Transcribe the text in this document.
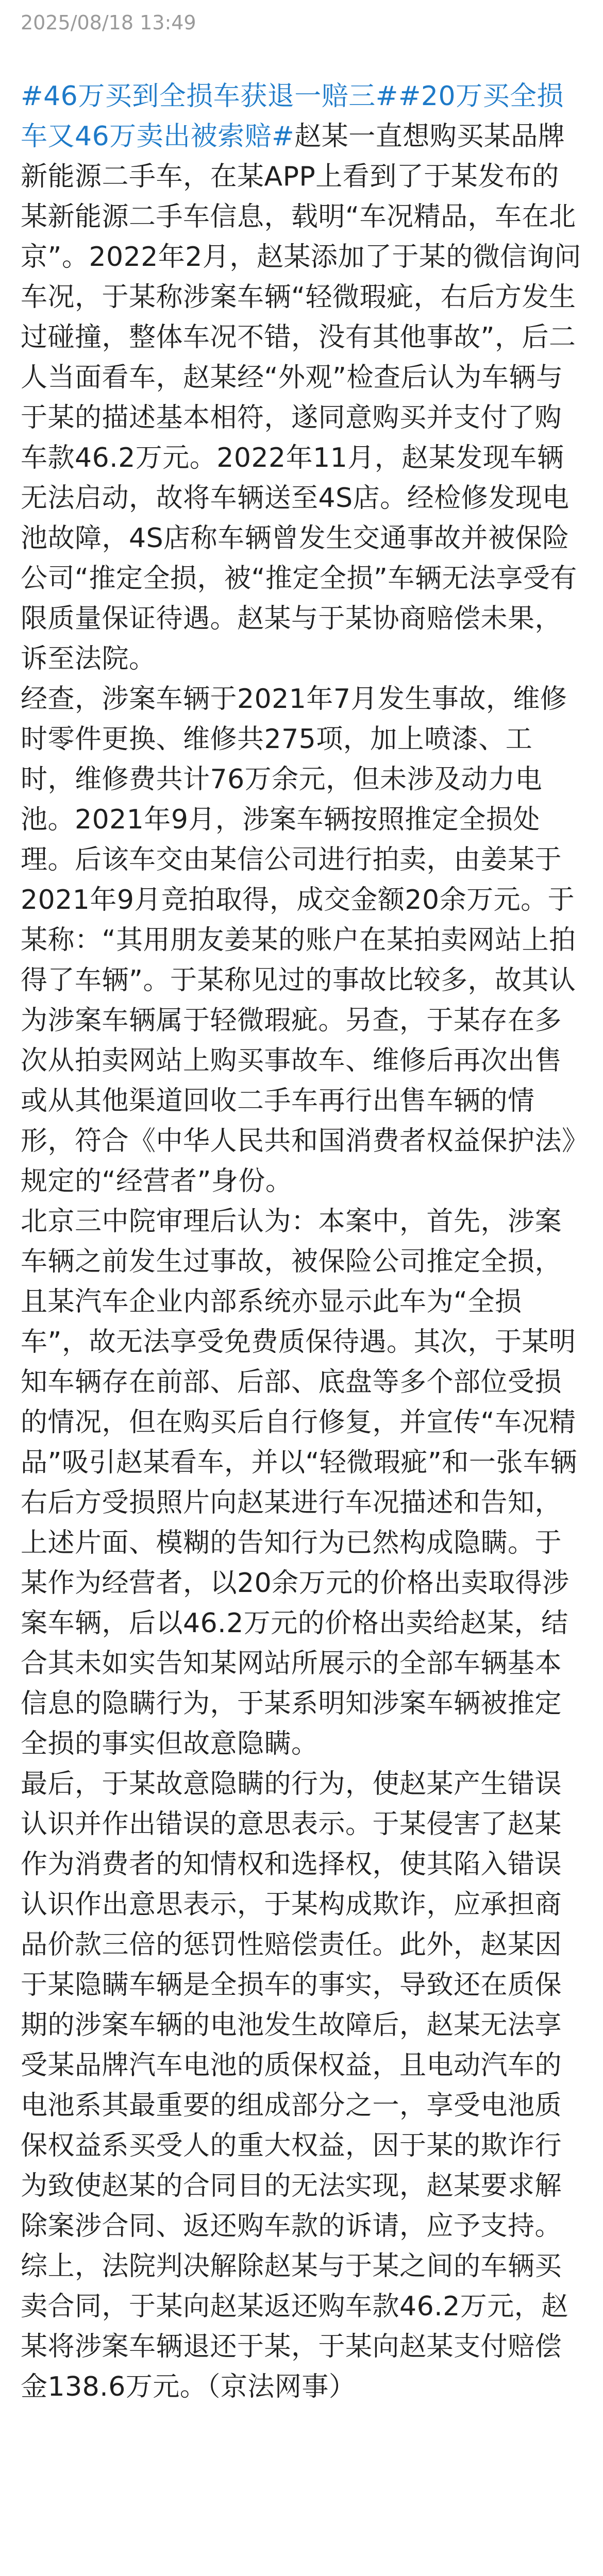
2025/08/18 13:49

#46万买到全损车获退一赔三##20万买全损车又46万卖出被索赔#赵某一直想购买某品牌新能源二手车，在某APP上看到了于某发布的某新能源二手车信息，载明“车况精品，车在北京”。2022年2月，赵某添加了于某的微信询问车况，于某称涉案车辆“轻微瑕疵，右后方发生过碰撞，整体车况不错，没有其他事故”，后二人当面看车，赵某经“外观”检查后认为车辆与于某的描述基本相符，遂同意购买并支付了购车款46.2万元。2022年11月，赵某发现车辆无法启动，故将车辆送至4S店。经检修发现电池故障，4S店称车辆曾发生交通事故并被保险公司“推定全损，被“推定全损”车辆无法享受有限质量保证待遇。赵某与于某协商赔偿未果，诉至法院。

经查，涉案车辆于2021年7月发生事故，维修时零件更换、维修共275项，加上喷漆、工时，维修费共计76万余元，但未涉及动力电池。2021年9月，涉案车辆按照推定全损处理。后该车交由某信公司进行拍卖，由姜某于2021年9月竞拍取得，成交金额20余万元。于某称：“其用朋友姜某的账户在某拍卖网站上拍得了车辆”。于某称见过的事故比较多，故其认为涉案车辆属于轻微瑕疵。另查，于某存在多次从拍卖网站上购买事故车、维修后再次出售或从其他渠道回收二手车再行出售车辆的情形，符合《中华人民共和国消费者权益保护法》规定的“经营者”身份。

北京三中院审理后认为：本案中，首先，涉案车辆之前发生过事故，被保险公司推定全损，且某汽车企业内部系统亦显示此车为“全损车”，故无法享受免费质保待遇。其次，于某明知车辆存在前部、后部、底盘等多个部位受损的情况，但在购买后自行修复，并宣传“车况精品”吸引赵某看车，并以“轻微瑕疵”和一张车辆右后方受损照片向赵某进行车况描述和告知，上述片面、模糊的告知行为已然构成隐瞒。于某作为经营者，以20余万元的价格出卖取得涉案车辆，后以46.2万元的价格出卖给赵某，结合其未如实告知某网站所展示的全部车辆基本信息的隐瞒行为，于某系明知涉案车辆被推定全损的事实但故意隐瞒。

最后，于某故意隐瞒的行为，使赵某产生错误认识并作出错误的意思表示。于某侵害了赵某作为消费者的知情权和选择权，使其陷入错误认识作出意思表示，于某构成欺诈，应承担商品价款三倍的惩罚性赔偿责任。此外，赵某因于某隐瞒车辆是全损车的事实，导致还在质保期的涉案车辆的电池发生故障后，赵某无法享受某品牌汽车电池的质保权益，且电动汽车的电池系其最重要的组成部分之一，享受电池质保权益系买受人的重大权益，因于某的欺诈行为致使赵某的合同目的无法实现，赵某要求解除案涉合同、返还购车款的诉请，应予支持。

综上，法院判决解除赵某与于某之间的车辆买卖合同，于某向赵某返还购车款46.2万元，赵某将涉案车辆退还于某，于某向赵某支付赔偿金138.6万元。（京法网事）
